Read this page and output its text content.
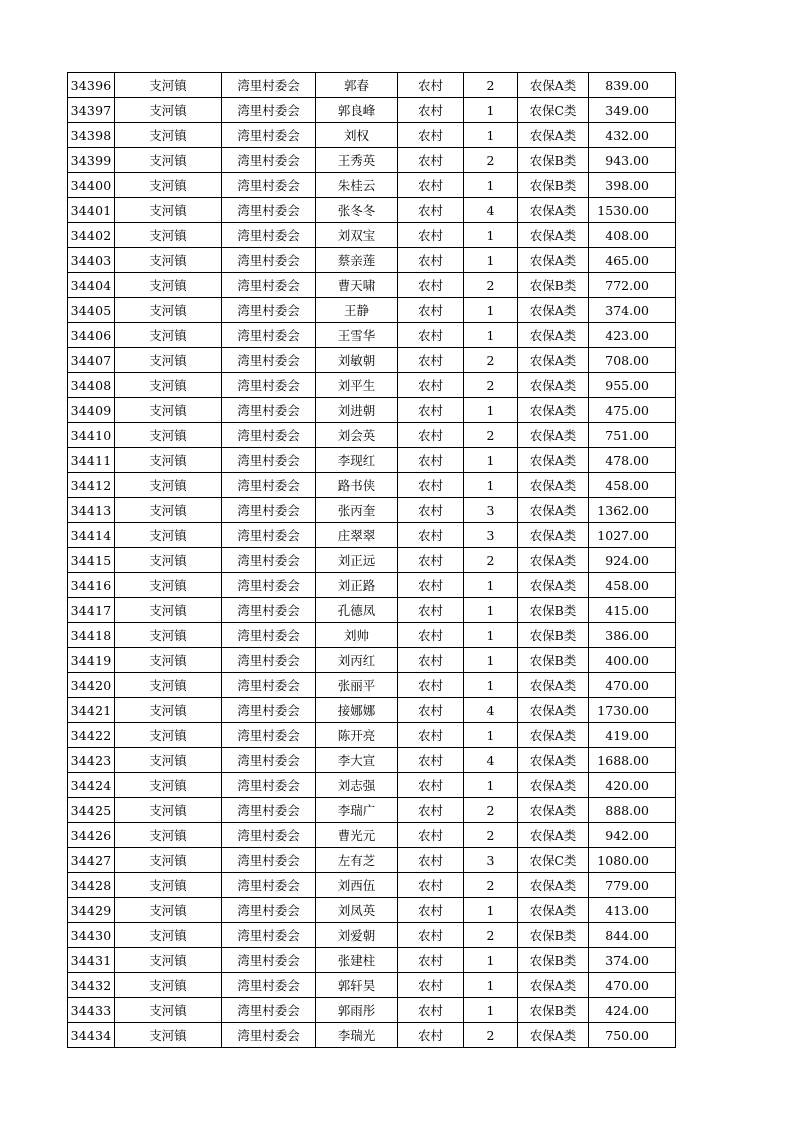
34396	支河镇	湾里村委会	郭春	农村	2	农保A类	839.00
34397	支河镇	湾里村委会	郭良峰	农村	1	农保C类	349.00
34398	支河镇	湾里村委会	刘权	农村	1	农保A类	432.00
34399	支河镇	湾里村委会	王秀英	农村	2	农保B类	943.00
34400	支河镇	湾里村委会	朱桂云	农村	1	农保B类	398.00
34401	支河镇	湾里村委会	张冬冬	农村	4	农保A类	1530.00
34402	支河镇	湾里村委会	刘双宝	农村	1	农保A类	408.00
34403	支河镇	湾里村委会	蔡亲莲	农村	1	农保A类	465.00
34404	支河镇	湾里村委会	曹天啸	农村	2	农保B类	772.00
34405	支河镇	湾里村委会	王静	农村	1	农保A类	374.00
34406	支河镇	湾里村委会	王雪华	农村	1	农保A类	423.00
34407	支河镇	湾里村委会	刘敏朝	农村	2	农保A类	708.00
34408	支河镇	湾里村委会	刘平生	农村	2	农保A类	955.00
34409	支河镇	湾里村委会	刘进朝	农村	1	农保A类	475.00
34410	支河镇	湾里村委会	刘会英	农村	2	农保A类	751.00
34411	支河镇	湾里村委会	李现红	农村	1	农保A类	478.00
34412	支河镇	湾里村委会	路书侠	农村	1	农保A类	458.00
34413	支河镇	湾里村委会	张丙奎	农村	3	农保A类	1362.00
34414	支河镇	湾里村委会	庄翠翠	农村	3	农保A类	1027.00
34415	支河镇	湾里村委会	刘正远	农村	2	农保A类	924.00
34416	支河镇	湾里村委会	刘正路	农村	1	农保A类	458.00
34417	支河镇	湾里村委会	孔德凤	农村	1	农保B类	415.00
34418	支河镇	湾里村委会	刘帅	农村	1	农保B类	386.00
34419	支河镇	湾里村委会	刘丙红	农村	1	农保B类	400.00
34420	支河镇	湾里村委会	张丽平	农村	1	农保A类	470.00
34421	支河镇	湾里村委会	接娜娜	农村	4	农保A类	1730.00
34422	支河镇	湾里村委会	陈开亮	农村	1	农保A类	419.00
34423	支河镇	湾里村委会	李大宣	农村	4	农保A类	1688.00
34424	支河镇	湾里村委会	刘志强	农村	1	农保A类	420.00
34425	支河镇	湾里村委会	李瑞广	农村	2	农保A类	888.00
34426	支河镇	湾里村委会	曹光元	农村	2	农保A类	942.00
34427	支河镇	湾里村委会	左有芝	农村	3	农保C类	1080.00
34428	支河镇	湾里村委会	刘西伍	农村	2	农保A类	779.00
34429	支河镇	湾里村委会	刘凤英	农村	1	农保A类	413.00
34430	支河镇	湾里村委会	刘爱朝	农村	2	农保B类	844.00
34431	支河镇	湾里村委会	张建柱	农村	1	农保B类	374.00
34432	支河镇	湾里村委会	郭轩昊	农村	1	农保A类	470.00
34433	支河镇	湾里村委会	郭雨彤	农村	1	农保B类	424.00
34434	支河镇	湾里村委会	李瑞光	农村	2	农保A类	750.00
